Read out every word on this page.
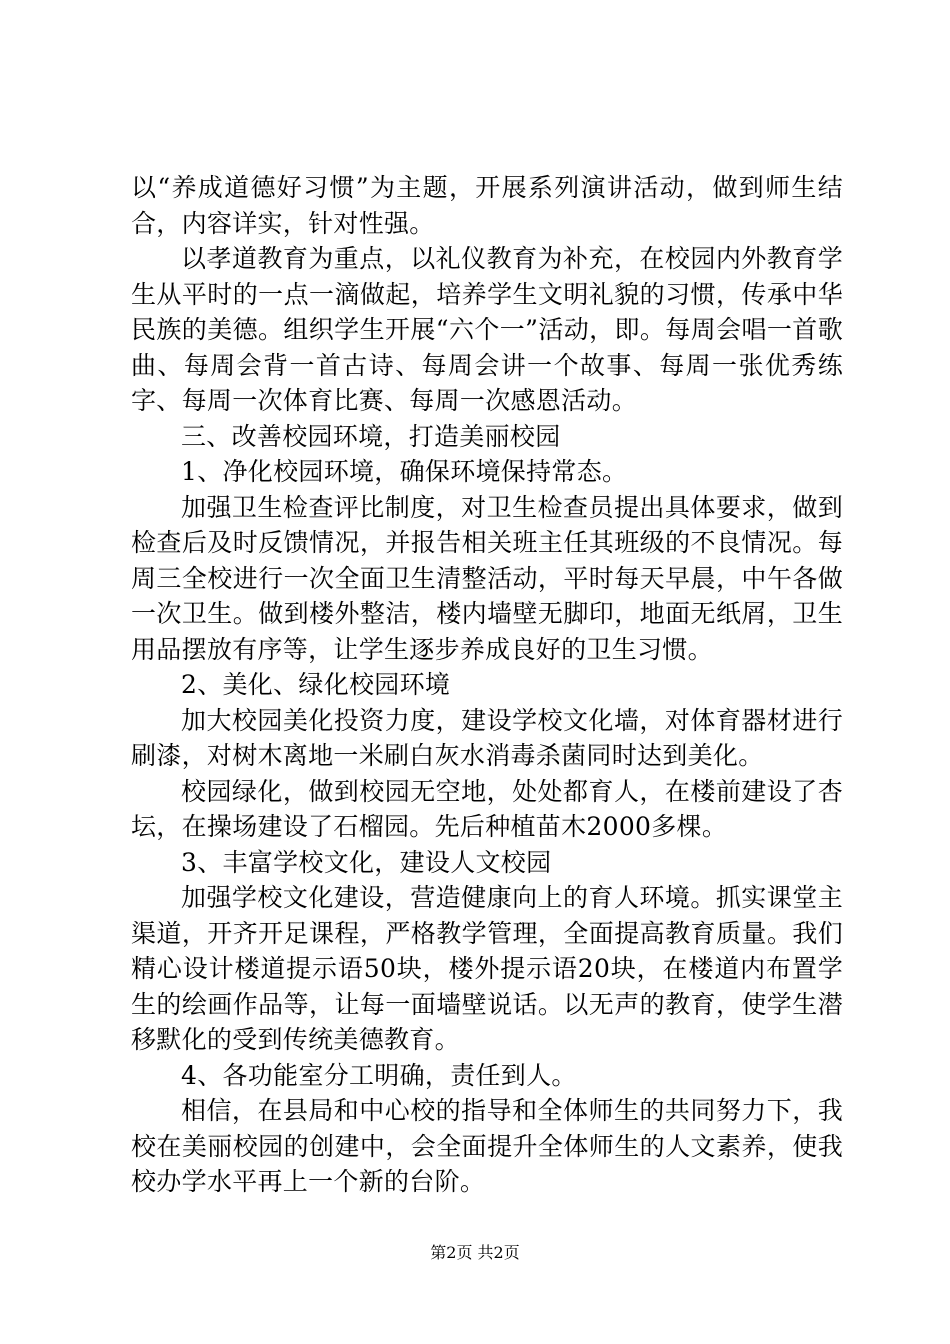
以“养成道德好习惯”为主题，开展系列演讲活动，做到师生结合，内容详实，针对性强。

以孝道教育为重点，以礼仪教育为补充，在校园内外教育学生从平时的一点一滴做起，培养学生文明礼貌的习惯，传承中华民族的美德。组织学生开展“六个一”活动，即。每周会唱一首歌曲、每周会背一首古诗、每周会讲一个故事、每周一张优秀练字、每周一次体育比赛、每周一次感恩活动。

三、改善校园环境，打造美丽校园

1、净化校园环境，确保环境保持常态。

加强卫生检查评比制度，对卫生检查员提出具体要求，做到检查后及时反馈情况，并报告相关班主任其班级的不良情况。每周三全校进行一次全面卫生清整活动，平时每天早晨，中午各做一次卫生。做到楼外整洁，楼内墙壁无脚印，地面无纸屑，卫生用品摆放有序等，让学生逐步养成良好的卫生习惯。

2、美化、绿化校园环境

加大校园美化投资力度，建设学校文化墙，对体育器材进行刷漆，对树木离地一米刷白灰水消毒杀菌同时达到美化。

校园绿化，做到校园无空地，处处都育人，在楼前建设了杏坛，在操场建设了石榴园。先后种植苗木2000多棵。

3、丰富学校文化，建设人文校园

加强学校文化建设，营造健康向上的育人环境。抓实课堂主渠道，开齐开足课程，严格教学管理，全面提高教育质量。我们精心设计楼道提示语50块，楼外提示语20块，在楼道内布置学生的绘画作品等，让每一面墙壁说话。以无声的教育，使学生潜移默化的受到传统美德教育。

4、各功能室分工明确，责任到人。

相信，在县局和中心校的指导和全体师生的共同努力下，我校在美丽校园的创建中，会全面提升全体师生的人文素养，使我校办学水平再上一个新的台阶。

第2页 共2页
